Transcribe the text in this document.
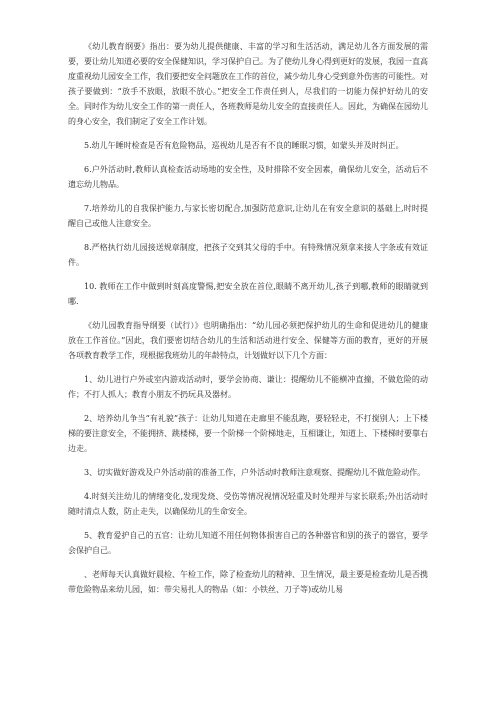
《幼儿教育纲要》指出：要为幼儿提供健康、丰富的学习和生活活动，满足幼儿各方面发展的需要，要让幼儿知道必要的安全保健知识，学习保护自己。为了使幼儿身心得到更好的发展，我园一直高度重视幼儿园安全工作，我们要把安全问题放在工作的首位，减少幼儿身心受到意外伤害的可能性。对孩子要做到：“放手不放眼，放眼不放心。”把安全工作责任到人，尽我们的一切能力保护好幼儿的安全。同时作为幼儿安全工作的第一责任人，各班教师是幼儿安全的直接责任人。因此，为确保在园幼儿的身心安全，我们制定了安全工作计划。

5.幼儿午睡时检查是否有危险物品，巡视幼儿是否有不良的睡眠习惯，如蒙头并及时纠正。

6.户外活动时,教师认真检查活动场地的安全性，及时排除不安全因素，确保幼儿安全，活动后不遗忘幼儿物品。

7.培养幼儿的自我保护能力,与家长密切配合,加强防范意识,让幼儿在有安全意识的基础上,时时提醒自己或他人注意安全。

8.严格执行幼儿园接送规章制度，把孩子交到其父母的手中。有特殊情况须拿来接人字条或有效证件。

10. 教师在工作中做到时刻高度警惕,把安全放在首位,眼睛不离开幼儿,孩子到哪,教师的眼睛就到哪.

《幼儿园教育指导纲要（试行）》也明确指出：“幼儿园必须把保护幼儿的生命和促进幼儿的健康放在工作首位。”因此，我们要密切结合幼儿的生活和活动进行安全、保健等方面的教育，更好的开展各项教育教学工作，现根据我班幼儿的年龄特点，计划做好以下几个方面：

1、幼儿进行户外或室内游戏活动时，要学会协商、谦让：提醒幼儿不能横冲直撞，不做危险的动作；不打人抓人；教育小朋友不扔玩具及器材。

2、培养幼儿争当“有礼貌”孩子：让幼儿知道在走廊里不能乱跑，要轻轻走，不打搅别人；上下楼梯的要注意安全，不能拥挤、跳楼梯，要一个阶梯一个阶梯地走，互相谦让，知道上、下楼梯时要靠右边走。

3、切实做好游戏及户外活动前的准备工作，户外活动时教师注意观察、提醒幼儿不做危险动作。

4.时刻关注幼儿的情绪变化,发现发烧、受伤等情况视情况轻重及时处理并与家长联系;外出活动时随时清点人数，防止走失，以确保幼儿的生命安全。

5、教育爱护自己的五官：让幼儿知道不用任何物体损害自己的各种器官和别的孩子的器官，要学会保护自己。

、老师每天认真做好晨检、午检工作，除了检查幼儿的精神、卫生情况，最主要是检查幼儿是否携带危险物品来幼儿园，如：带尖易扎人的物品（如：小铁丝、刀子等)或幼儿易
